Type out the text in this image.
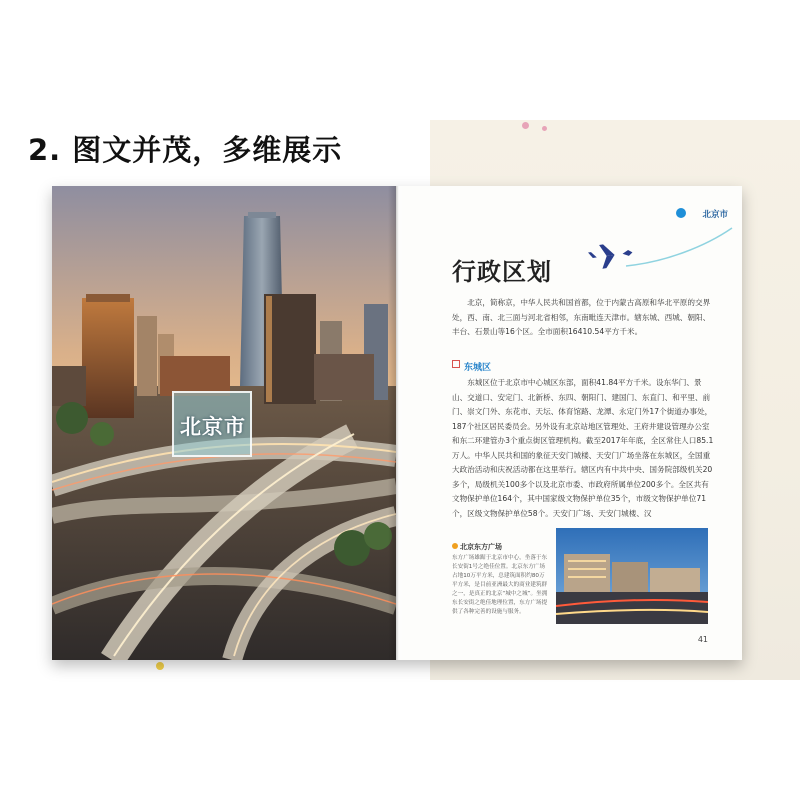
2. 图文并茂，多维展示
北京市
北京市
行政区划
北京，简称京，中华人民共和国首都，位于内蒙古高原和华北平原的交界处，西、南、北三面与河北省相邻，东南毗连天津市。辖东城、西城、朝阳、丰台、石景山等16个区。全市面积16410.54平方千米。
东城区
东城区位于北京市中心城区东部，面积41.84平方千米。设东华门、景山、交道口、安定门、北新桥、东四、朝阳门、建国门、东直门、和平里、前门、崇文门外、东花市、天坛、体育馆路、龙潭、永定门外17个街道办事处，187个社区居民委员会。另外设有北京站地区管理处、王府井建设管理办公室和东二环建管办3个重点街区管理机构。截至2017年年底，全区常住人口85.1万人。中华人民共和国的象征天安门城楼、天安门广场坐落在东城区，全国重大政治活动和庆祝活动都在这里举行。辖区内有中共中央、国务院部级机关20多个，局级机关100多个以及北京市委、市政府所属单位200多个。全区共有文物保护单位164个，其中国家级文物保护单位35个，市级文物保护单位71个，区级文物保护单位58个。天安门广场、天安门城楼、汉
北京东方广场
东方广场雄踞于北京市中心，坐落于东长安街1号之绝佳位置。北京东方广场占地10万平方米，总建筑面积约80万平方米，是目前亚洲最大的商业建筑群之一，是真正的北京“城中之城”。坐拥东长安街之绝佳地理位置，东方广场提供了各种完善的设施与服务。
41
